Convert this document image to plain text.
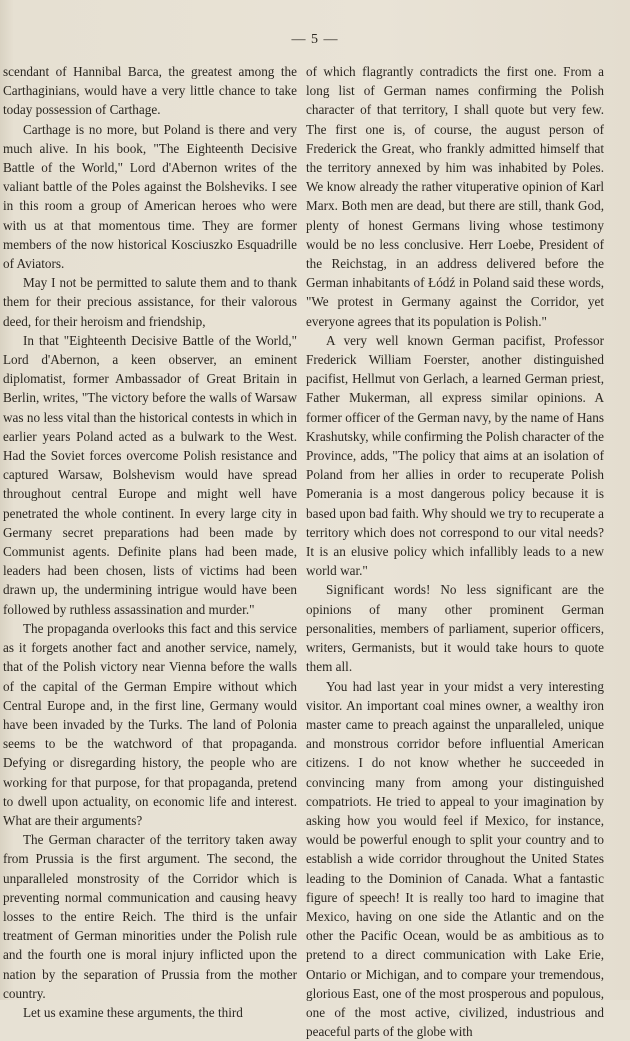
— 5 —

scendant of Hannibal Barca, the greatest among the Carthaginians, would have a very little chance to take today possession of Carthage.

Carthage is no more, but Poland is there and very much alive. In his book, "The Eighteenth Decisive Battle of the World," Lord d'Abernon writes of the valiant battle of the Poles against the Bolsheviks. I see in this room a group of American heroes who were with us at that momentous time. They are former members of the now historical Kosciuszko Esquadrille of Aviators.

May I not be permitted to salute them and to thank them for their precious assistance, for their valorous deed, for their heroism and friendship,

In that "Eighteenth Decisive Battle of the World," Lord d'Abernon, a keen observer, an eminent diplomatist, former Ambassador of Great Britain in Berlin, writes, "The victory before the walls of Warsaw was no less vital than the historical contests in which in earlier years Poland acted as a bulwark to the West. Had the Soviet forces overcome Polish resistance and captured Warsaw, Bolshevism would have spread throughout central Europe and might well have penetrated the whole continent. In every large city in Germany secret preparations had been made by Communist agents. Definite plans had been made, leaders had been chosen, lists of victims had been drawn up, the undermining intrigue would have been followed by ruthless assassination and murder."

The propaganda overlooks this fact and this service as it forgets another fact and another service, namely, that of the Polish victory near Vienna before the walls of the capital of the German Empire without which Central Europe and, in the first line, Germany would have been invaded by the Turks. The land of Polonia seems to be the watchword of that propaganda. Defying or disregarding history, the people who are working for that purpose, for that propaganda, pretend to dwell upon actuality, on economic life and interest. What are their arguments?

The German character of the territory taken away from Prussia is the first argument. The second, the unparalleled monstrosity of the Corridor which is preventing normal communication and causing heavy losses to the entire Reich. The third is the unfair treatment of German minorities under the Polish rule and the fourth one is moral injury inflicted upon the nation by the separation of Prussia from the mother country.

Let us examine these arguments, the third

of which flagrantly contradicts the first one. From a long list of German names confirming the Polish character of that territory, I shall quote but very few. The first one is, of course, the august person of Frederick the Great, who frankly admitted himself that the territory annexed by him was inhabited by Poles. We know already the rather vituperative opinion of Karl Marx. Both men are dead, but there are still, thank God, plenty of honest Germans living whose testimony would be no less conclusive. Herr Loebe, President of the Reichstag, in an address delivered before the German inhabitants of Łódź in Poland said these words, "We protest in Germany against the Corridor, yet everyone agrees that its population is Polish."

A very well known German pacifist, Professor Frederick William Foerster, another distinguished pacifist, Hellmut von Gerlach, a learned German priest, Father Mukerman, all express similar opinions. A former officer of the German navy, by the name of Hans Krashutsky, while confirming the Polish character of the Province, adds, "The policy that aims at an isolation of Poland from her allies in order to recuperate Polish Pomerania is a most dangerous policy because it is based upon bad faith. Why should we try to recuperate a territory which does not correspond to our vital needs? It is an elusive policy which infallibly leads to a new world war."

Significant words! No less significant are the opinions of many other prominent German personalities, members of parliament, superior officers, writers, Germanists, but it would take hours to quote them all.

You had last year in your midst a very interesting visitor. An important coal mines owner, a wealthy iron master came to preach against the unparalleled, unique and monstrous corridor before influential American citizens. I do not know whether he succeeded in convincing many from among your distinguished compatriots. He tried to appeal to your imagination by asking how you would feel if Mexico, for instance, would be powerful enough to split your country and to establish a wide corridor throughout the United States leading to the Dominion of Canada. What a fantastic figure of speech! It is really too hard to imagine that Mexico, having on one side the Atlantic and on the other the Pacific Ocean, would be as ambitious as to pretend to a direct communication with Lake Erie, Ontario or Michigan, and to compare your tremendous, glorious East, one of the most prosperous and populous, one of the most active, civilized, industrious and peaceful parts of the globe with
